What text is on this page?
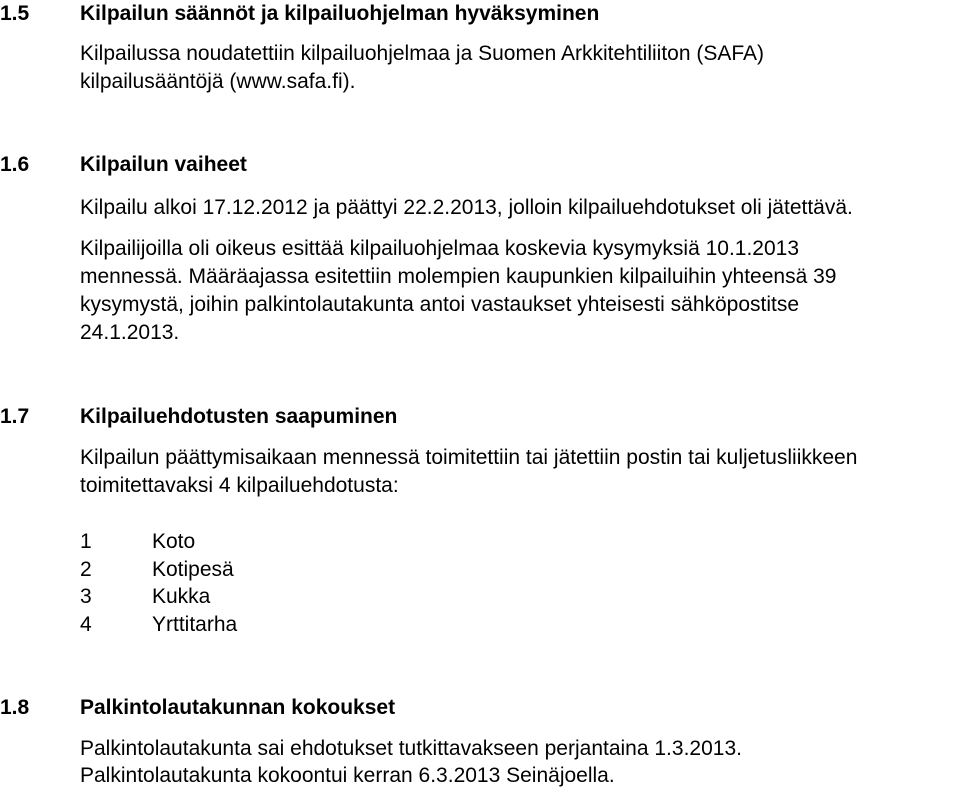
1.5 Kilpailun säännöt ja kilpailuohjelman hyväksyminen
Kilpailussa noudatettiin kilpailuohjelmaa ja Suomen Arkkitehtiliiton (SAFA)
kilpailusääntöjä (www.safa.fi).
1.6 Kilpailun vaiheet
Kilpailu alkoi 17.12.2012 ja päättyi 22.2.2013, jolloin kilpailuehdotukset oli jätettävä.
Kilpailijoilla oli oikeus esittää kilpailuohjelmaa koskevia kysymyksiä 10.1.2013
mennessä. Määräajassa esitettiin molempien kaupunkien kilpailuihin yhteensä 39
kysymystä, joihin palkintolautakunta antoi vastaukset yhteisesti sähköpostitse
24.1.2013.
1.7 Kilpailuehdotusten saapuminen
Kilpailun päättymisaikaan mennessä toimitettiin tai jätettiin postin tai kuljetusliikkeen
toimitettavaksi 4 kilpailuehdotusta:
1	Koto
2	Kotipesä
3	Kukka
4	Yrttitarha
1.8 Palkintolautakunnan kokoukset
Palkintolautakunta sai ehdotukset tutkittavakseen perjantaina 1.3.2013.
Palkintolautakunta kokoontui kerran 6.3.2013 Seinäjoella.
